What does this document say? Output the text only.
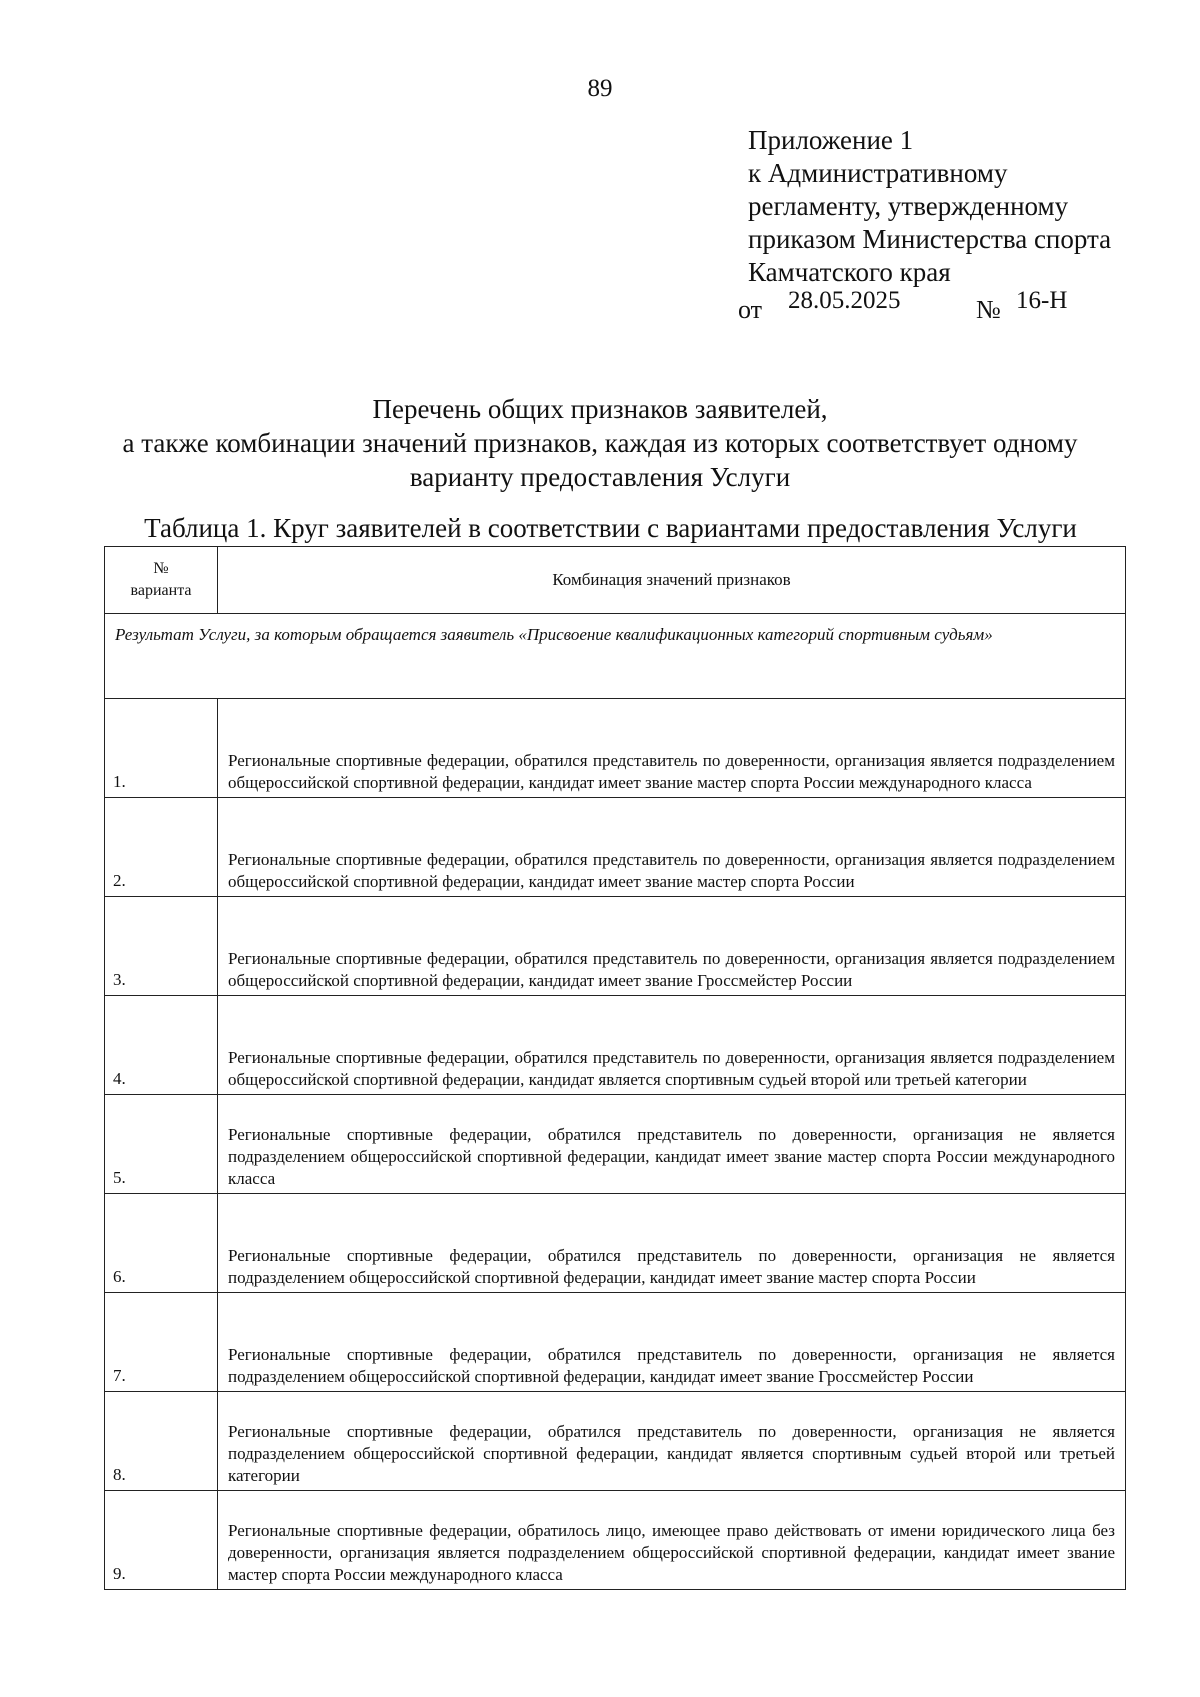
89
Приложение 1
к Административному
регламенту, утвержденному
приказом Министерства спорта
Камчатского края
от 28.05.2025	№ 16-Н
Перечень общих признаков заявителей,
а также комбинации значений признаков, каждая из которых соответствует одному
варианту предоставления Услуги
Таблица 1. Круг заявителей в соответствии с вариантами предоставления Услуги
№
варианта	Комбинация значений признаков
Результат Услуги, за которым обращается заявитель «Присвоение квалификационных категорий спортивным судьям»	
1.	Региональные спортивные федерации, обратился представитель по доверенности, организация является подразделением общероссийской спортивной федерации, кандидат имеет звание мастер спорта России международного класса
2.	Региональные спортивные федерации, обратился представитель по доверенности, организация является подразделением общероссийской спортивной федерации, кандидат имеет звание мастер спорта России
3.	Региональные спортивные федерации, обратился представитель по доверенности, организация является подразделением общероссийской спортивной федерации, кандидат имеет звание Гроссмейстер России
4.	Региональные спортивные федерации, обратился представитель по доверенности, организация является подразделением общероссийской спортивной федерации, кандидат является спортивным судьей второй или третьей категории
5.	Региональные спортивные федерации, обратился представитель по доверенности, организация не является подразделением общероссийской спортивной федерации, кандидат имеет звание мастер спорта России международного класса
6.	Региональные спортивные федерации, обратился представитель по доверенности, организация не является подразделением общероссийской спортивной федерации, кандидат имеет звание мастер спорта России
7.	Региональные спортивные федерации, обратился представитель по доверенности, организация не является подразделением общероссийской спортивной федерации, кандидат имеет звание Гроссмейстер России
8.	Региональные спортивные федерации, обратился представитель по доверенности, организация не является подразделением общероссийской спортивной федерации, кандидат является спортивным судьей второй или третьей категории
9.	Региональные спортивные федерации, обратилось лицо, имеющее право действовать от имени юридического лица без доверенности, организация является подразделением общероссийской спортивной федерации, кандидат имеет звание мастер спорта России международного класса
